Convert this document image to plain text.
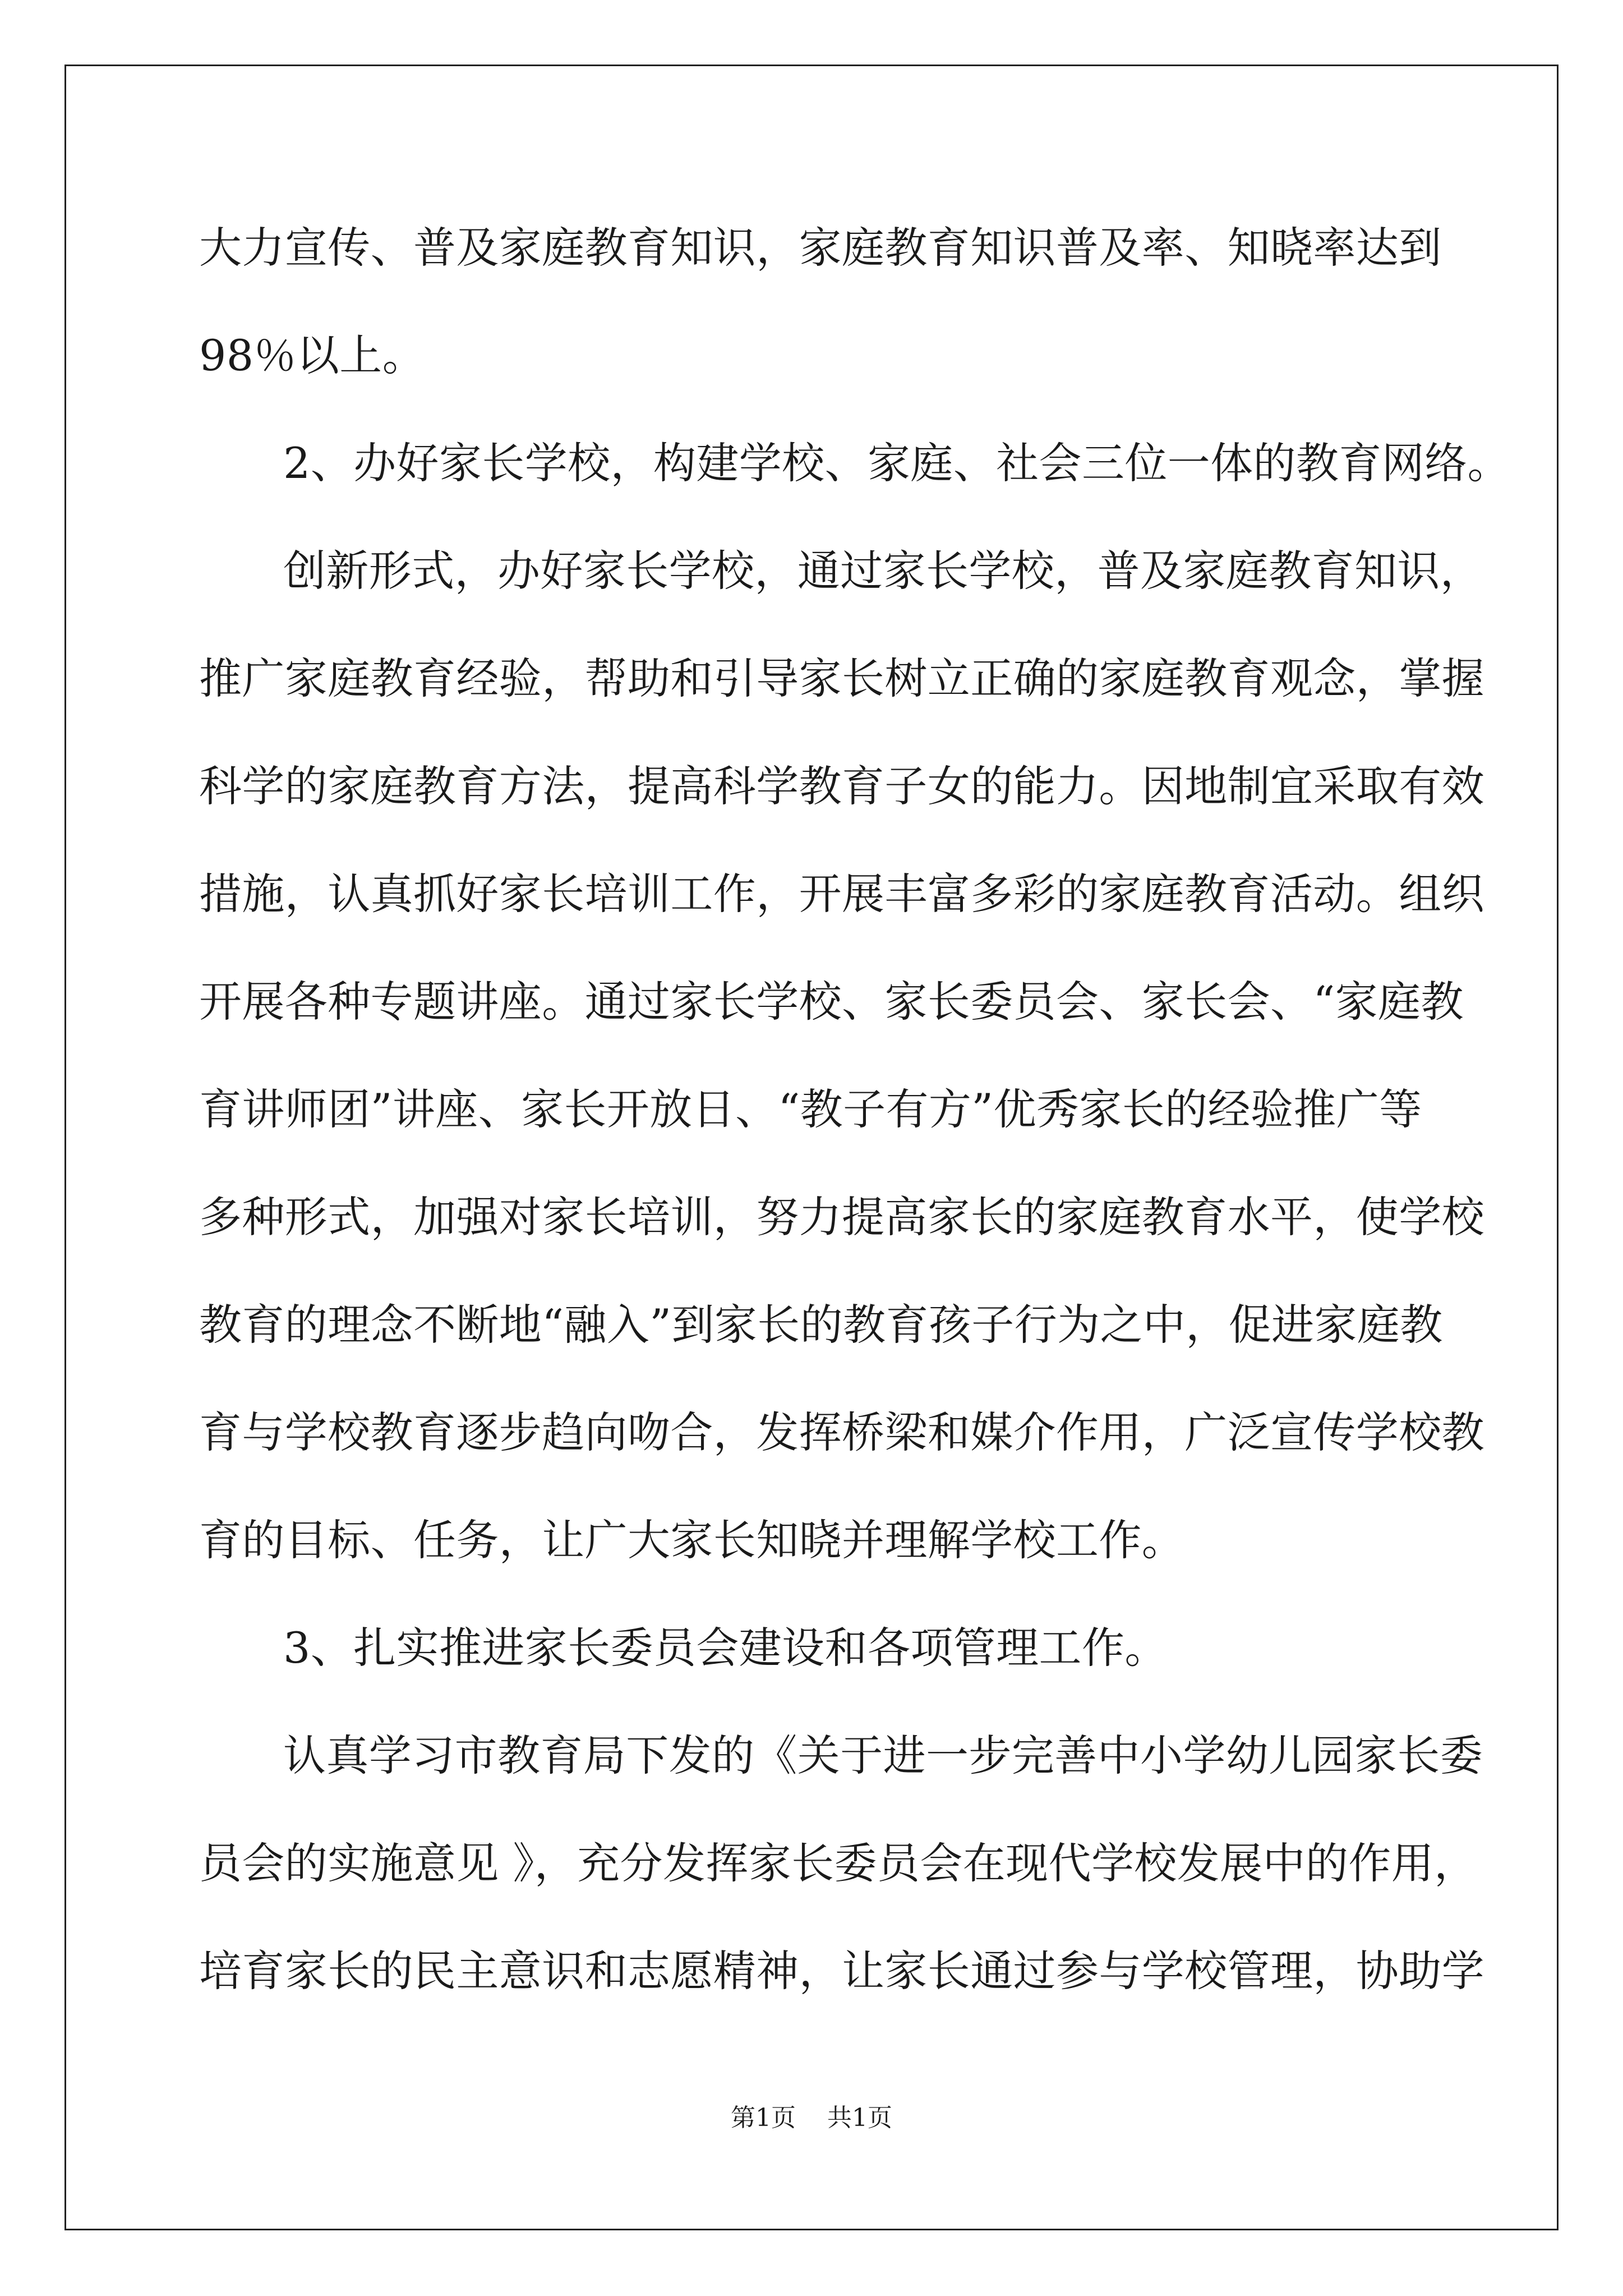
大力宣传、普及家庭教育知识，家庭教育知识普及率、知晓率达到
98％以上。
2、办好家长学校，构建学校、家庭、社会三位一体的教育网络。
创新形式，办好家长学校，通过家长学校，普及家庭教育知识，
推广家庭教育经验，帮助和引导家长树立正确的家庭教育观念，掌握
科学的家庭教育方法，提高科学教育子女的能力。因地制宜采取有效
措施，认真抓好家长培训工作，开展丰富多彩的家庭教育活动。组织
开展各种专题讲座。通过家长学校、家长委员会、家长会、“家庭教
育讲师团”讲座、家长开放日、“教子有方”优秀家长的经验推广等
多种形式，加强对家长培训，努力提高家长的家庭教育水平，使学校
教育的理念不断地“融入”到家长的教育孩子行为之中，促进家庭教
育与学校教育逐步趋向吻合，发挥桥梁和媒介作用，广泛宣传学校教
育的目标、任务，让广大家长知晓并理解学校工作。
3、扎实推进家长委员会建设和各项管理工作。
认真学习市教育局下发的《关于进一步完善中小学幼儿园家长委
员会的实施意见 》，充分发挥家长委员会在现代学校发展中的作用，
培育家长的民主意识和志愿精神，让家长通过参与学校管理，协助学
第1页 共1页
